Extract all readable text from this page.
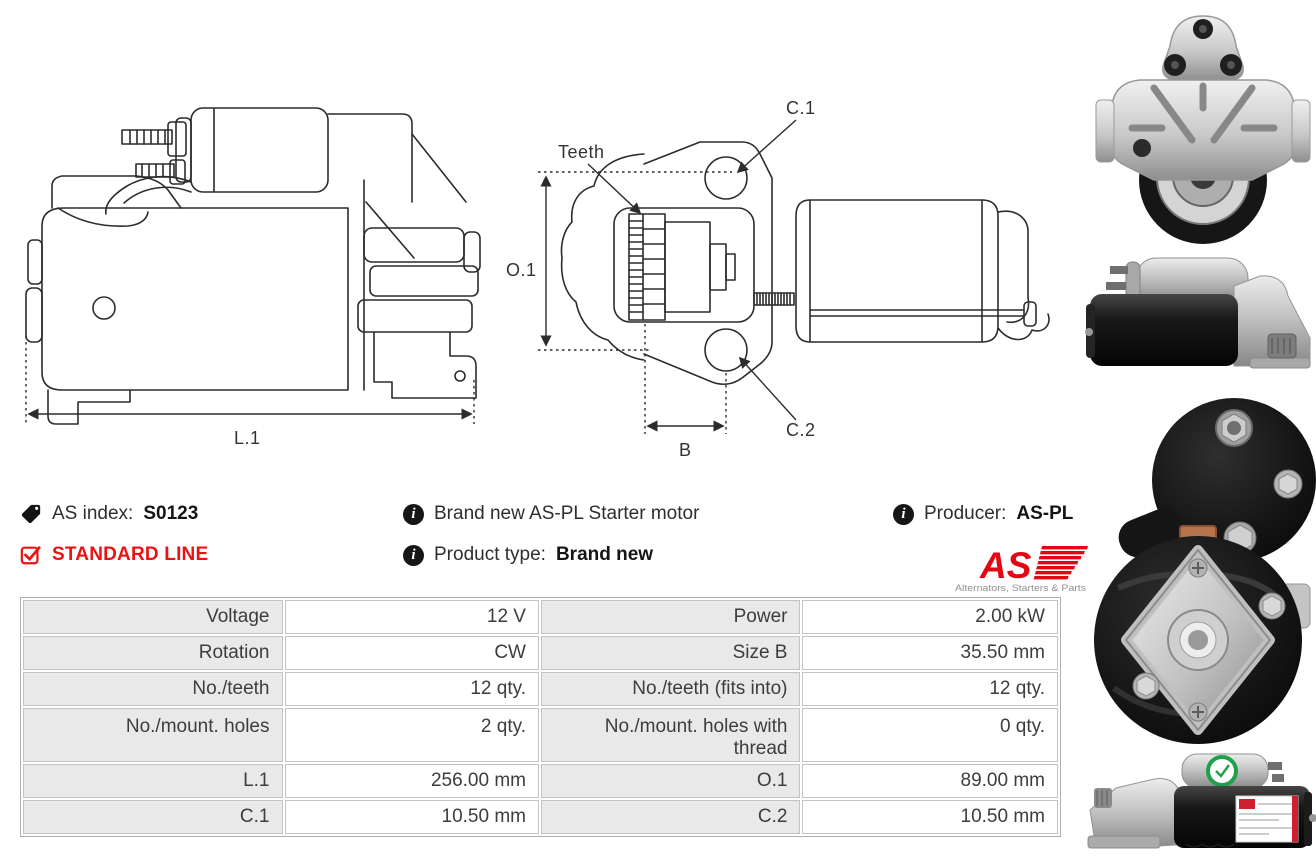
L.1
O.1
C.1
Teeth
C.2
B
AS index: S0123
STANDARD LINE
i Brand new AS-PL Starter motor
i Product type: Brand new
i Producer: AS-PL
AS
Alternators, Starters & Parts
Voltage	12 V	Power	2.00 kW
Rotation	CW	Size B	35.50 mm
No./teeth	12 qty.	No./teeth (fits into)	12 qty.
No./mount. holes	2 qty.	No./mount. holes with thread	0 qty.
L.1	256.00 mm	O.1	89.00 mm
C.1	10.50 mm	C.2	10.50 mm
